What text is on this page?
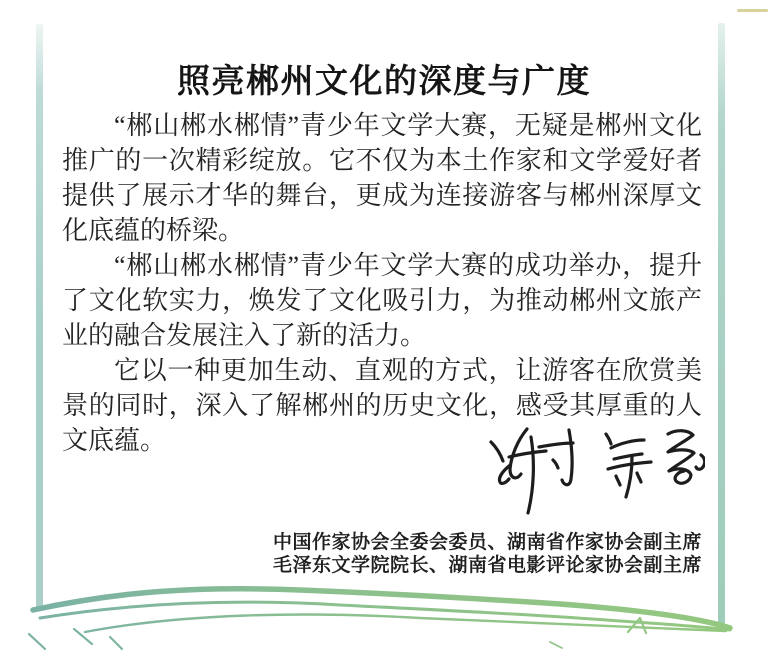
照亮郴州文化的深度与广度

“郴山郴水郴情”青少年文学大赛，无疑是郴州文化推广的一次精彩绽放。它不仅为本土作家和文学爱好者提供了展示才华的舞台，更成为连接游客与郴州深厚文化底蕴的桥梁。

“郴山郴水郴情”青少年文学大赛的成功举办，提升了文化软实力，焕发了文化吸引力，为推动郴州文旅产业的融合发展注入了新的活力。

它以一种更加生动、直观的方式，让游客在欣赏美景的同时，深入了解郴州的历史文化，感受其厚重的人文底蕴。

中国作家协会全委会委员、湖南省作家协会副主席
毛泽东文学院院长、湖南省电影评论家协会副主席
